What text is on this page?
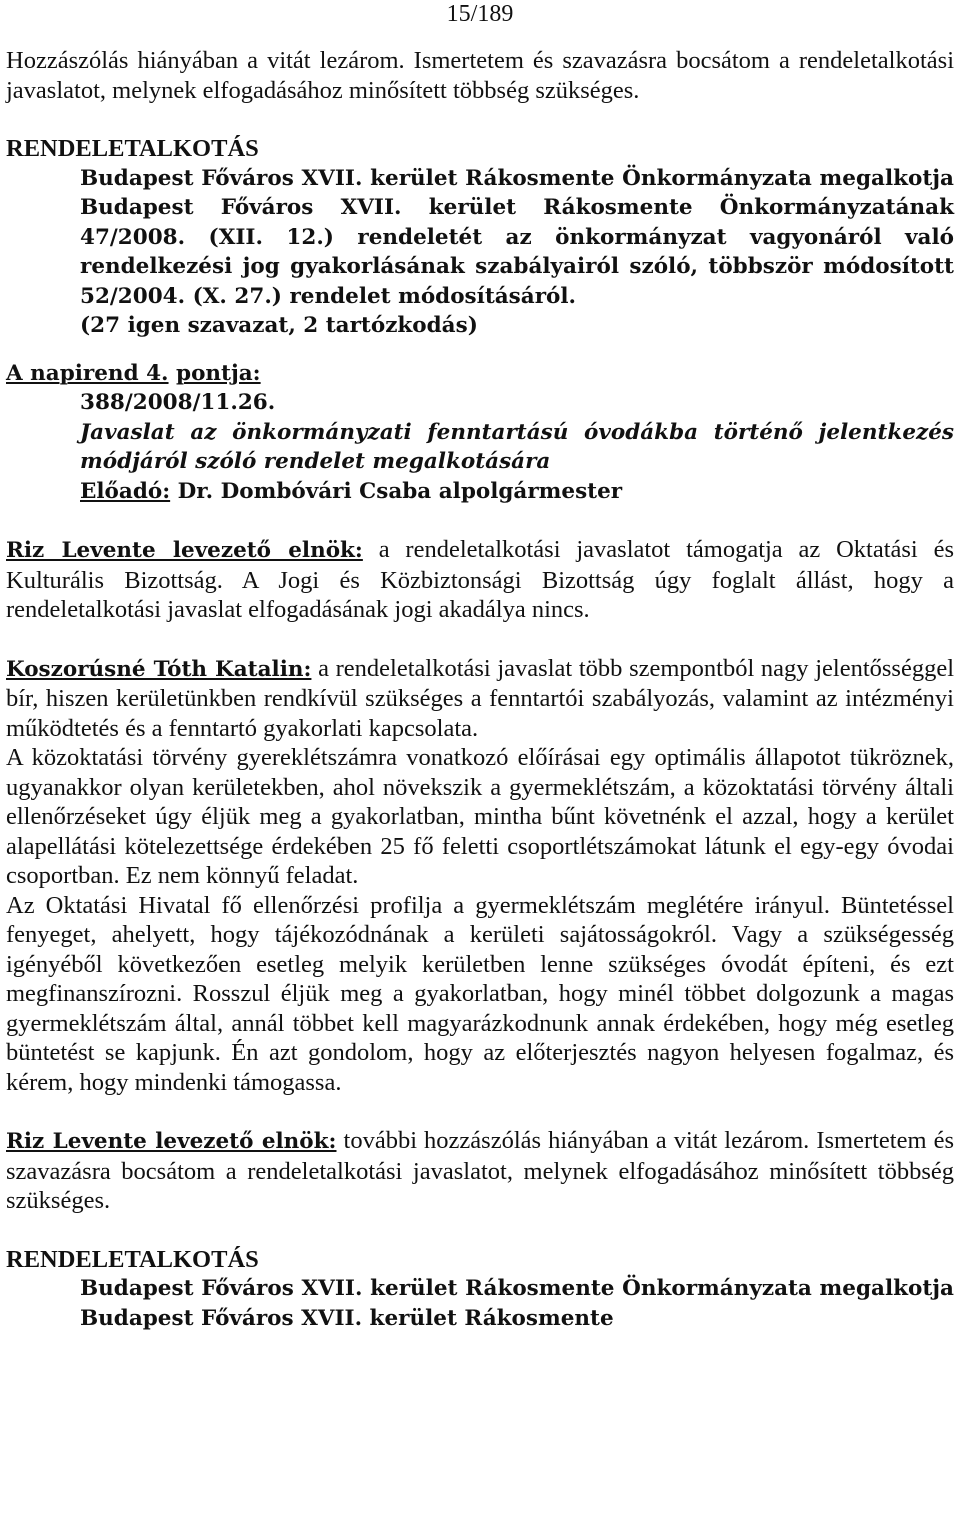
15/189

Hozzászólás hiányában a vitát lezárom. Ismertetem és szavazásra bocsátom a rendeletalkotási javaslatot, melynek elfogadásához minősített többség szükséges.

RENDELETALKOTÁS

Budapest Főváros XVII. kerület Rákosmente Önkormányzata megalkotja Budapest Főváros XVII. kerület Rákosmente Önkormányzatának 47/2008. (XII. 12.) rendeletét az önkormányzat vagyonáról való rendelkezési jog gyakorlásának szabályairól szóló, többször módosított 52/2004. (X. 27.) rendelet módosításáról.

(27 igen szavazat, 2 tartózkodás)

A napirend 4. pontja:

388/2008/11.26.

Javaslat az önkormányzati fenntartású óvodákba történő jelentkezés módjáról szóló rendelet megalkotására

Előadó: Dr. Dombóvári Csaba alpolgármester

Riz Levente levezető elnök: a rendeletalkotási javaslatot támogatja az Oktatási és Kulturális Bizottság. A Jogi és Közbiztonsági Bizottság úgy foglalt állást, hogy a rendeletalkotási javaslat elfogadásának jogi akadálya nincs.

Koszorúsné Tóth Katalin: a rendeletalkotási javaslat több szempontból nagy jelentősséggel bír, hiszen kerületünkben rendkívül szükséges a fenntartói szabályozás, valamint az intézményi működtetés és a fenntartó gyakorlati kapcsolata.

A közoktatási törvény gyereklétszámra vonatkozó előírásai egy optimális állapotot tükröznek, ugyanakkor olyan kerületekben, ahol növekszik a gyermeklétszám, a közoktatási törvény általi ellenőrzéseket úgy éljük meg a gyakorlatban, mintha bűnt követnénk el azzal, hogy a kerület alapellátási kötelezettsége érdekében 25 fő feletti csoportlétszámokat látunk el egy-egy óvodai csoportban. Ez nem könnyű feladat.

Az Oktatási Hivatal fő ellenőrzési profilja a gyermeklétszám meglétére irányul. Büntetéssel fenyeget, ahelyett, hogy tájékozódnának a kerületi sajátosságokról. Vagy a szükségesség igényéből következően esetleg melyik kerületben lenne szükséges óvodát építeni, és ezt megfinanszírozni. Rosszul éljük meg a gyakorlatban, hogy minél többet dolgozunk a magas gyermeklétszám által, annál többet kell magyarázkodnunk annak érdekében, hogy még esetleg büntetést se kapjunk. Én azt gondolom, hogy az előterjesztés nagyon helyesen fogalmaz, és kérem, hogy mindenki támogassa.

Riz Levente levezető elnök: további hozzászólás hiányában a vitát lezárom. Ismertetem és szavazásra bocsátom a rendeletalkotási javaslatot, melynek elfogadásához minősített többség szükséges.

RENDELETALKOTÁS

Budapest Főváros XVII. kerület Rákosmente Önkormányzata megalkotja Budapest Főváros XVII. kerület Rákosmente
